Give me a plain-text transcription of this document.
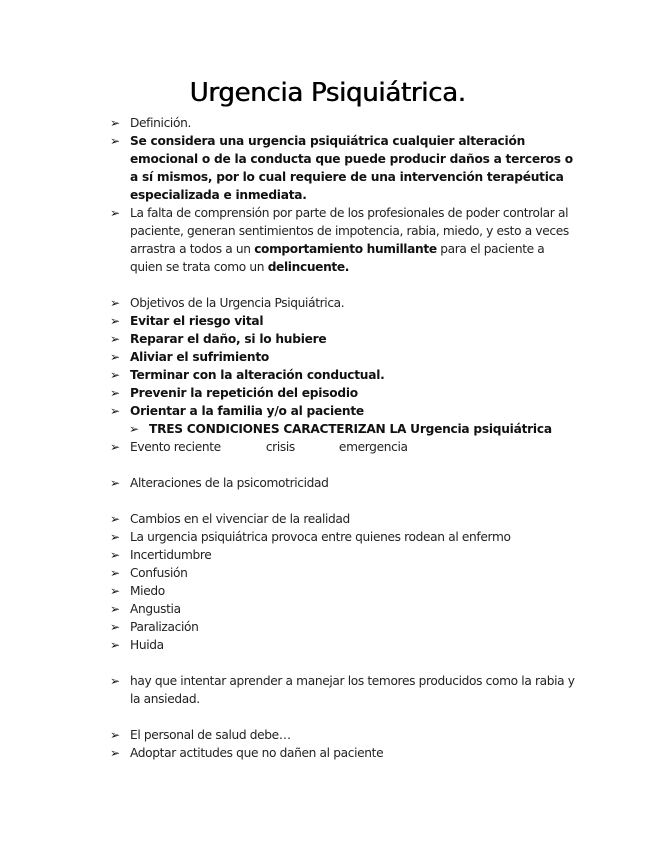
Urgencia Psiquiátrica.
➢ Definición.
➢ Se considera una urgencia psiquiátrica cualquier alteración emocional o de la conducta que puede producir daños a terceros o a sí mismos, por lo cual requiere de una intervención terapéutica especializada e inmediata.
➢ La falta de comprensión por parte de los profesionales de poder controlar al paciente, generan sentimientos de impotencia, rabia, miedo, y esto a veces arrastra a todos a un comportamiento humillante para el paciente a quien se trata como un delincuente.
➢ Objetivos de la Urgencia Psiquiátrica.
➢ Evitar el riesgo vital
➢ Reparar el daño, si lo hubiere
➢ Aliviar el sufrimiento
➢ Terminar con la alteración conductual.
➢ Prevenir la repetición del episodio
➢ Orientar a la familia y/o al paciente
➢ TRES CONDICIONES CARACTERIZAN LA Urgencia psiquiátrica
➢ Evento reciente	crisis	emergencia
➢ Alteraciones de la psicomotricidad
➢ Cambios en el vivenciar de la realidad
➢ La urgencia psiquiátrica provoca entre quienes rodean al enfermo
➢ Incertidumbre
➢ Confusión
➢ Miedo
➢ Angustia
➢ Paralización
➢ Huida
➢ hay que intentar aprender a manejar los temores producidos como la rabia y la ansiedad.
➢ El personal de salud debe…
➢ Adoptar actitudes que no dañen al paciente
